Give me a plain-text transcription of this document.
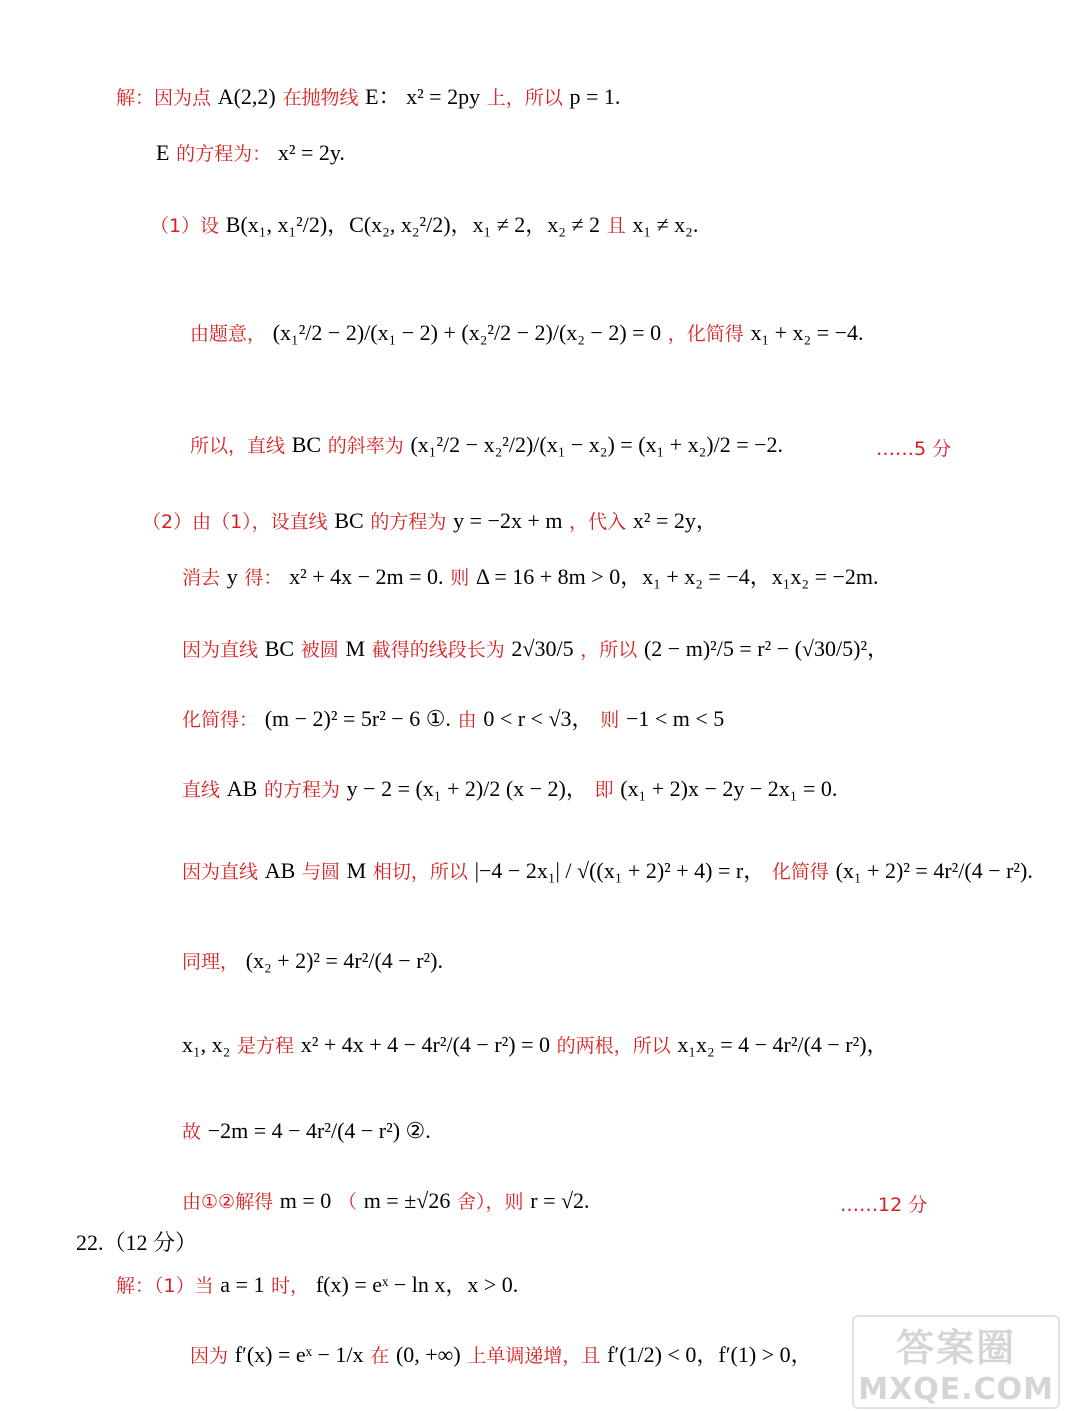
解：因为点 A(2,2) 在抛物线 E： x² = 2py 上，所以 p = 1.
E 的方程为： x² = 2y.
（1）设 B(x₁, x₁²/2)，C(x₂, x₂²/2)，x₁ ≠ 2，x₂ ≠ 2 且 x₁ ≠ x₂.
由题意， (x₁²/2 − 2)/(x₁ − 2) + (x₂²/2 − 2)/(x₂ − 2) = 0 ，化简得 x₁ + x₂ = −4.
所以，直线 BC 的斜率为 (x₁²/2 − x₂²/2)/(x₁ − x₂) = (x₁ + x₂)/2 = −2.	……5 分
（2）由（1），设直线 BC 的方程为 y = −2x + m ，代入 x² = 2y，
消去 y 得： x² + 4x − 2m = 0. 则 Δ = 16 + 8m > 0，x₁ + x₂ = −4，x₁x₂ = −2m.
因为直线 BC 被圆 M 截得的线段长为 2√30/5 ，所以 (2 − m)²/5 = r² − (√30/5)²，
化简得： (m − 2)² = 5r² − 6 ①. 由 0 < r < √3， 则 −1 < m < 5
直线 AB 的方程为 y − 2 = (x₁ + 2)/2 (x − 2)， 即 (x₁ + 2)x − 2y − 2x₁ = 0.
因为直线 AB 与圆 M 相切，所以 |−4 − 2x₁| / √((x₁ + 2)² + 4) = r， 化简得 (x₁ + 2)² = 4r²/(4 − r²).
同理， (x₂ + 2)² = 4r²/(4 − r²).
x₁, x₂ 是方程 x² + 4x + 4 − 4r²/(4 − r²) = 0 的两根，所以 x₁x₂ = 4 − 4r²/(4 − r²)，
故 −2m = 4 − 4r²/(4 − r²) ②.
由①②解得 m = 0 （ m = ±√26 舍），则 r = √2.	……12 分
22.（12 分）
解：（1）当 a = 1 时， f(x) = eˣ − ln x，x > 0.
因为 f′(x) = eˣ − 1/x 在 (0, +∞) 上单调递增，且 f′(1/2) < 0，f′(1) > 0，	答案圈
MXQE.COM
